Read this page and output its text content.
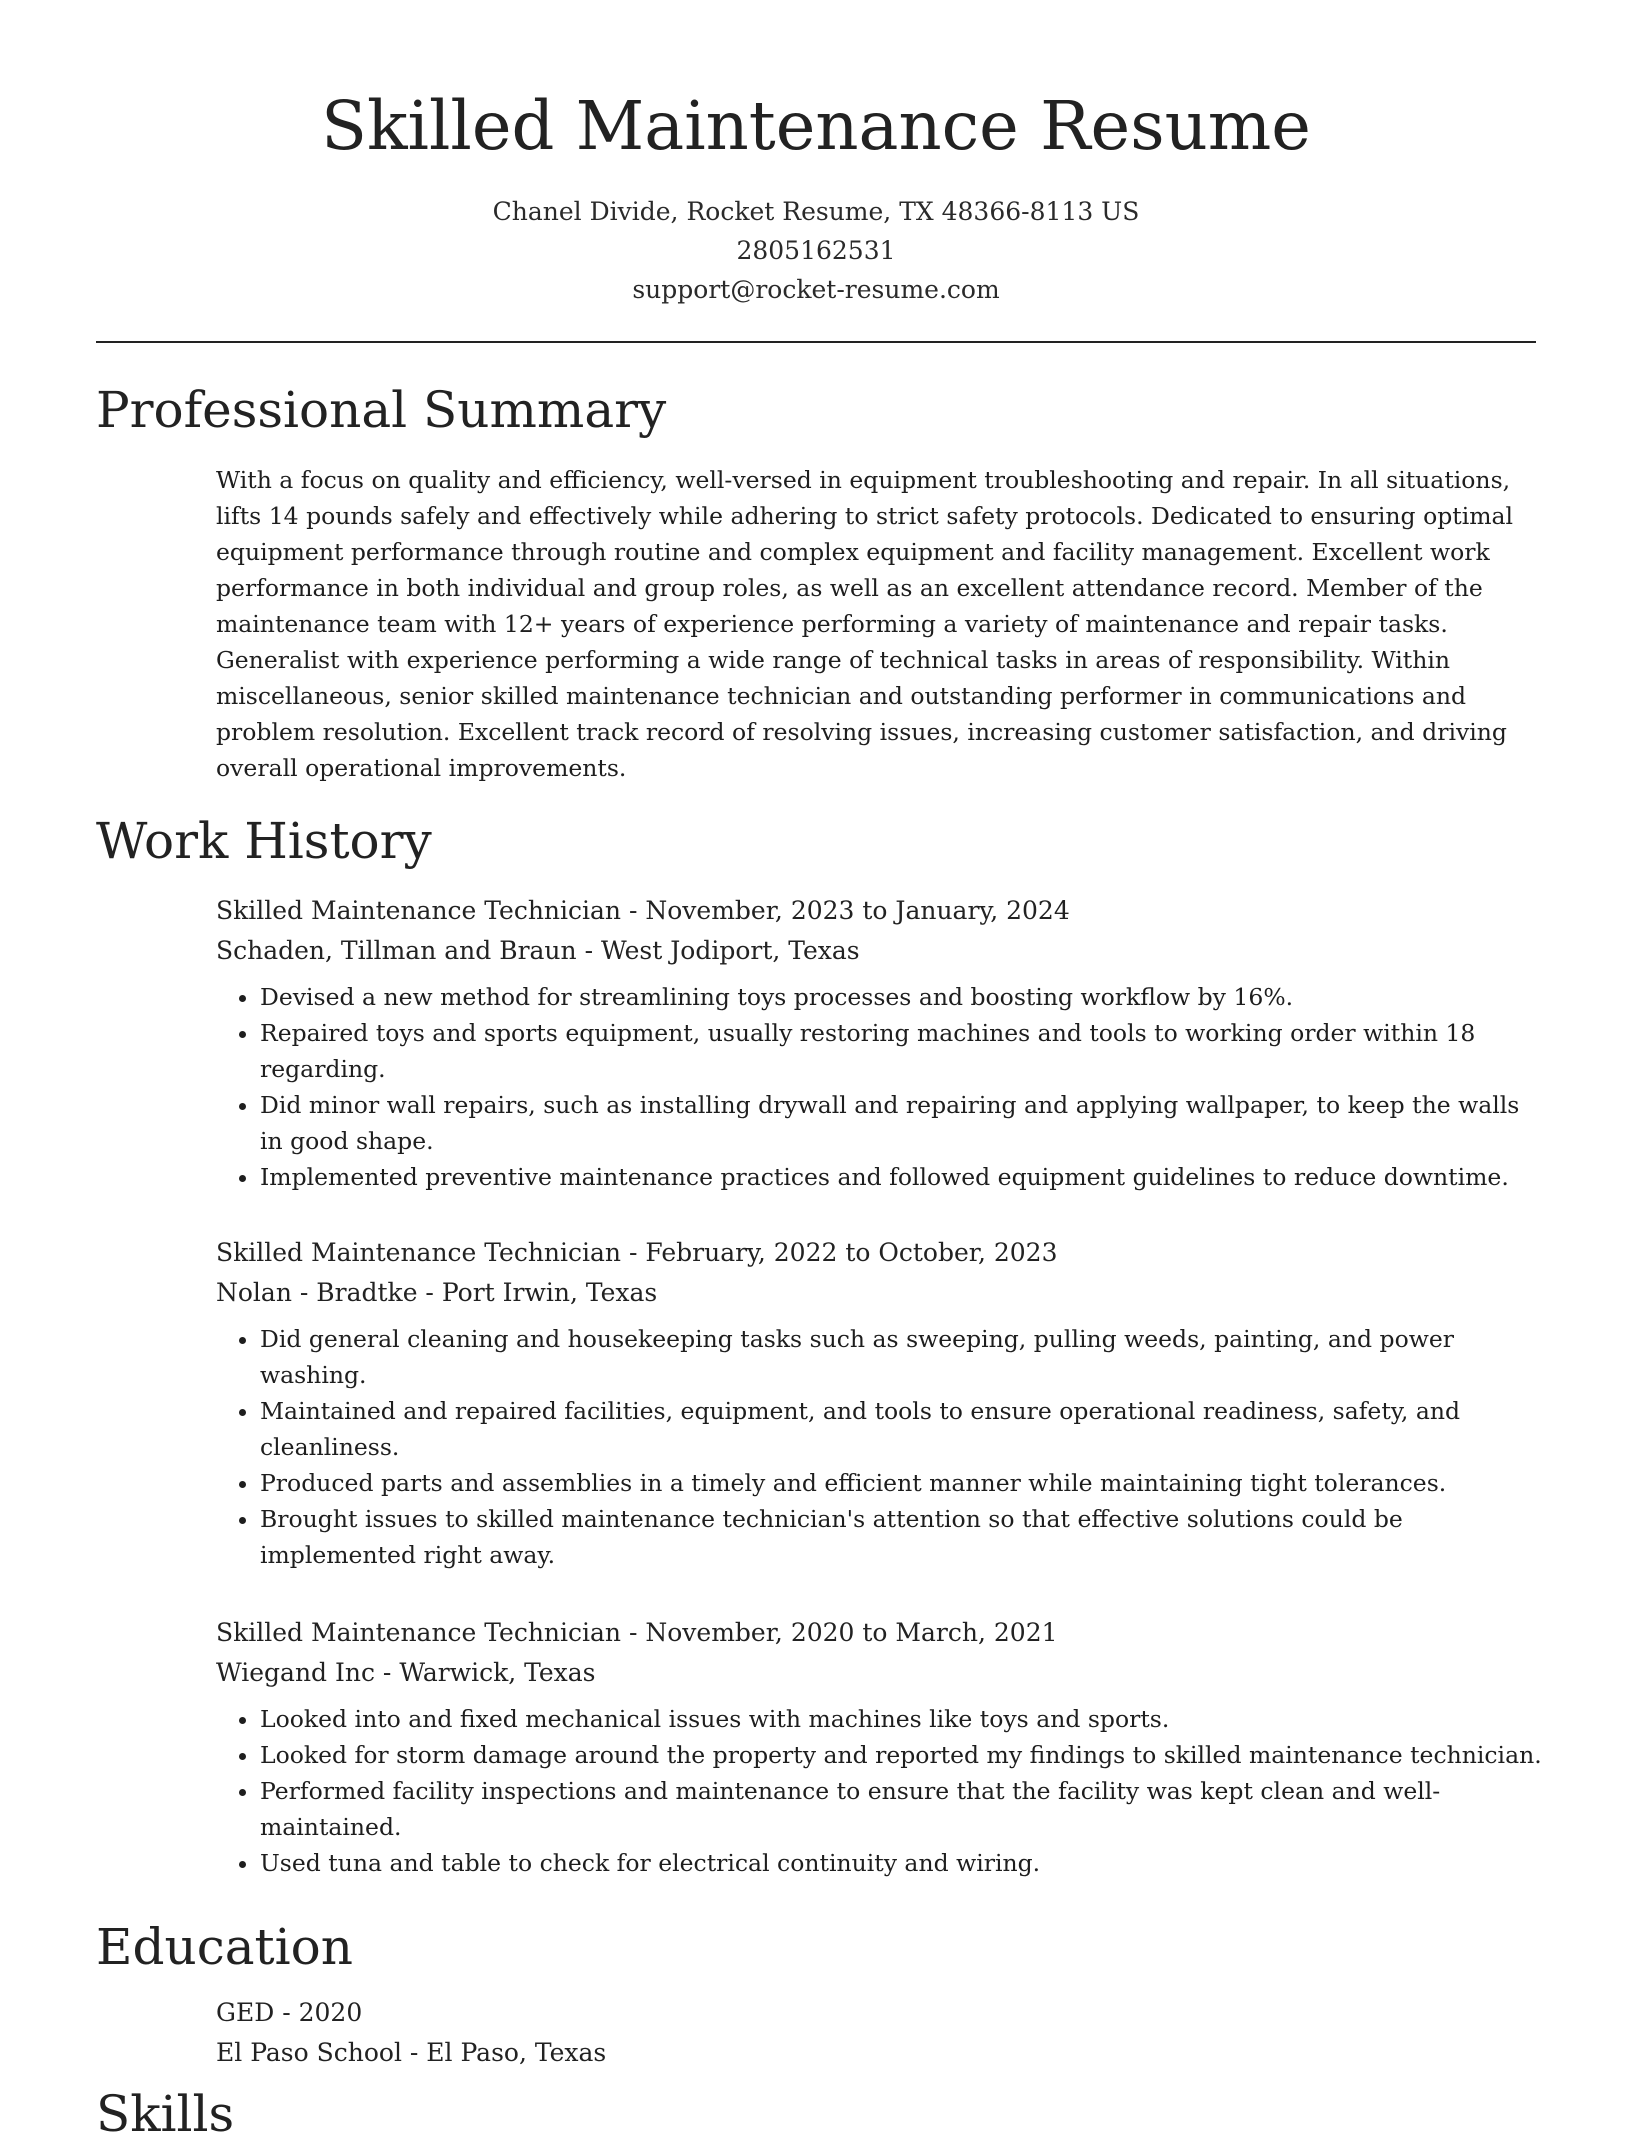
Skilled Maintenance Resume
Chanel Divide, Rocket Resume, TX 48366-8113 US
2805162531
support@rocket-resume.com
Professional Summary

With a focus on quality and efficiency, well-versed in equipment troubleshooting and repair. In all situations, lifts 14 pounds safely and effectively while adhering to strict safety protocols. Dedicated to ensuring optimal equipment performance through routine and complex equipment and facility management. Excellent work performance in both individual and group roles, as well as an excellent attendance record. Member of the maintenance team with 12+ years of experience performing a variety of maintenance and repair tasks. Generalist with experience performing a wide range of technical tasks in areas of responsibility. Within miscellaneous, senior skilled maintenance technician and outstanding performer in communications and problem resolution. Excellent track record of resolving issues, increasing customer satisfaction, and driving overall operational improvements.

Work History
Skilled Maintenance Technician - November, 2023 to January, 2024
Schaden, Tillman and Braun - West Jodiport, Texas
• Devised a new method for streamlining toys processes and boosting workflow by 16%.
• Repaired toys and sports equipment, usually restoring machines and tools to working order within 18 regarding.
• Did minor wall repairs, such as installing drywall and repairing and applying wallpaper, to keep the walls in good shape.
• Implemented preventive maintenance practices and followed equipment guidelines to reduce downtime.
Skilled Maintenance Technician - February, 2022 to October, 2023
Nolan - Bradtke - Port Irwin, Texas
• Did general cleaning and housekeeping tasks such as sweeping, pulling weeds, painting, and power washing.
• Maintained and repaired facilities, equipment, and tools to ensure operational readiness, safety, and cleanliness.
• Produced parts and assemblies in a timely and efficient manner while maintaining tight tolerances.
• Brought issues to skilled maintenance technician's attention so that effective solutions could be implemented right away.
Skilled Maintenance Technician - November, 2020 to March, 2021
Wiegand Inc - Warwick, Texas
• Looked into and fixed mechanical issues with machines like toys and sports.
• Looked for storm damage around the property and reported my findings to skilled maintenance technician.
• Performed facility inspections and maintenance to ensure that the facility was kept clean and well-maintained.
• Used tuna and table to check for electrical continuity and wiring.
Education
GED - 2020
El Paso School - El Paso, Texas
Skills
